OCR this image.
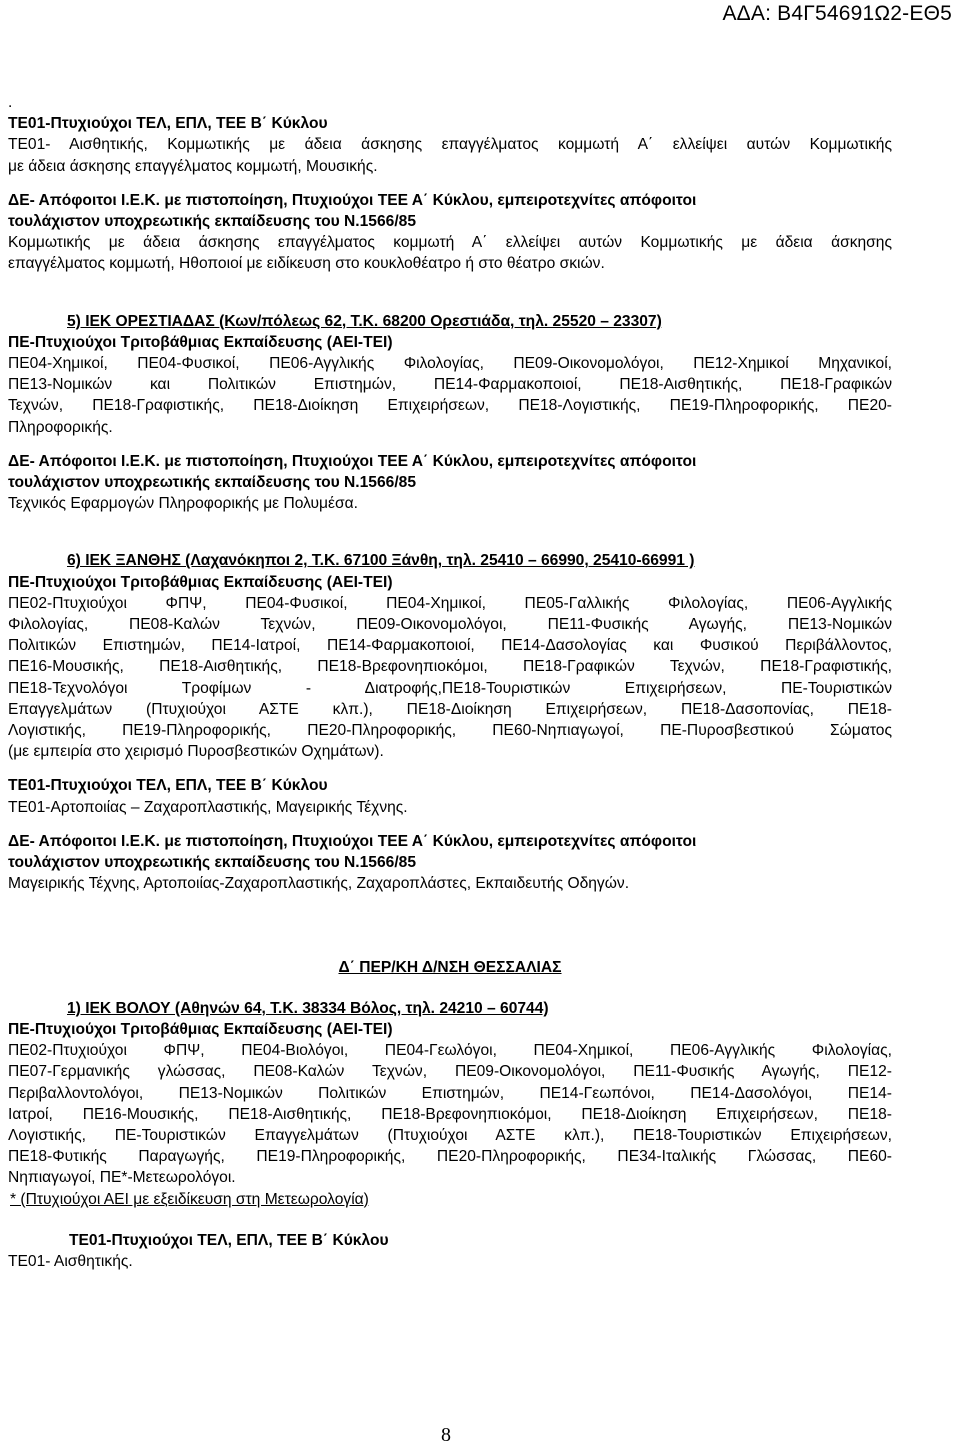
ΑΔΑ: Β4Γ54691Ω2-ΕΘ5
.
ΤΕ01-Πτυχιούχοι ΤΕΛ, ΕΠΛ, ΤΕΕ Β΄ Κύκλου
ΤΕ01- Αισθητικής, Κομμωτικής με άδεια άσκησης επαγγέλματος κομμωτή Α΄ ελλείψει αυτών Κομμωτικής
με άδεια άσκησης επαγγέλματος κομμωτή, Μουσικής.
ΔΕ- Απόφοιτοι Ι.Ε.Κ. με πιστοποίηση, Πτυχιούχοι ΤΕΕ Α΄ Κύκλου, εμπειροτεχνίτες απόφοιτοι
τουλάχιστον υποχρεωτικής εκπαίδευσης του Ν.1566/85
Κομμωτικής με άδεια άσκησης επαγγέλματος κομμωτή Α΄ ελλείψει αυτών Κομμωτικής με άδεια άσκησης
επαγγέλματος κομμωτή, Ηθοποιοί με ειδίκευση στο κουκλοθέατρο ή στο θέατρο σκιών.
5) ΙΕΚ ΟΡΕΣΤΙΑΔΑΣ (Κων/πόλεως 62, Τ.Κ. 68200 Ορεστιάδα, τηλ. 25520 – 23307)
ΠΕ-Πτυχιούχοι Τριτοβάθμιας Εκπαίδευσης (ΑΕΙ-ΤΕΙ)
ΠΕ04-Χημικοί, ΠΕ04-Φυσικοί, ΠΕ06-Αγγλικής Φιλολογίας, ΠΕ09-Οικονομολόγοι, ΠΕ12-Χημικοί Μηχανικοί,
ΠΕ13-Νομικών και Πολιτικών Επιστημών, ΠΕ14-Φαρμακοποιοί, ΠΕ18-Αισθητικής, ΠΕ18-Γραφικών
Τεχνών, ΠΕ18-Γραφιστικής, ΠΕ18-Διοίκηση Επιχειρήσεων, ΠΕ18-Λογιστικής, ΠΕ19-Πληροφορικής, ΠΕ20-
Πληροφορικής.
ΔΕ- Απόφοιτοι Ι.Ε.Κ. με πιστοποίηση, Πτυχιούχοι ΤΕΕ Α΄ Κύκλου, εμπειροτεχνίτες απόφοιτοι
τουλάχιστον υποχρεωτικής εκπαίδευσης του Ν.1566/85
Τεχνικός Εφαρμογών Πληροφορικής με Πολυμέσα.
6) ΙΕΚ ΞΑΝΘΗΣ (Λαχανόκηποι 2, Τ.Κ. 67100 Ξάνθη, τηλ. 25410 – 66990, 25410-66991 )
ΠΕ-Πτυχιούχοι Τριτοβάθμιας Εκπαίδευσης (ΑΕΙ-ΤΕΙ)
ΠΕ02-Πτυχιούχοι ΦΠΨ, ΠΕ04-Φυσικοί, ΠΕ04-Χημικοί, ΠΕ05-Γαλλικής Φιλολογίας, ΠΕ06-Αγγλικής
Φιλολογίας, ΠΕ08-Καλών Τεχνών, ΠΕ09-Οικονομολόγοι, ΠΕ11-Φυσικής Αγωγής, ΠΕ13-Νομικών
Πολιτικών Επιστημών, ΠΕ14-Ιατροί, ΠΕ14-Φαρμακοποιοί, ΠΕ14-Δασολογίας και Φυσικού Περιβάλλοντος,
ΠΕ16-Μουσικής, ΠΕ18-Αισθητικής, ΠΕ18-Βρεφονηπιοκόμοι, ΠΕ18-Γραφικών Τεχνών, ΠΕ18-Γραφιστικής,
ΠΕ18-Τεχνολόγοι Τροφίμων - Διατροφής,ΠΕ18-Τουριστικών Επιχειρήσεων, ΠΕ-Τουριστικών
Επαγγελμάτων (Πτυχιούχοι ΑΣΤΕ κλπ.), ΠΕ18-Διοίκηση Επιχειρήσεων, ΠΕ18-Δασοπονίας, ΠΕ18-
Λογιστικής, ΠΕ19-Πληροφορικής, ΠΕ20-Πληροφορικής, ΠΕ60-Νηπιαγωγοί, ΠΕ-Πυροσβεστικού Σώματος
(με εμπειρία στο χειρισμό Πυροσβεστικών Οχημάτων).
ΤΕ01-Πτυχιούχοι ΤΕΛ, ΕΠΛ, ΤΕΕ Β΄ Κύκλου
ΤΕ01-Αρτοποιίας – Ζαχαροπλαστικής, Μαγειρικής Τέχνης.
ΔΕ- Απόφοιτοι Ι.Ε.Κ. με πιστοποίηση, Πτυχιούχοι ΤΕΕ Α΄ Κύκλου, εμπειροτεχνίτες απόφοιτοι
τουλάχιστον υποχρεωτικής εκπαίδευσης του Ν.1566/85
Μαγειρικής Τέχνης, Αρτοποιίας-Ζαχαροπλαστικής, Ζαχαροπλάστες, Εκπαιδευτής Οδηγών.
Δ΄ ΠΕΡ/ΚΗ Δ/ΝΣΗ ΘΕΣΣΑΛΙΑΣ
1) ΙΕΚ ΒΟΛΟΥ (Αθηνών 64, Τ.Κ. 38334 Βόλος, τηλ. 24210 – 60744)
ΠΕ-Πτυχιούχοι Τριτοβάθμιας Εκπαίδευσης (ΑΕΙ-ΤΕΙ)
ΠΕ02-Πτυχιούχοι ΦΠΨ, ΠΕ04-Βιολόγοι, ΠΕ04-Γεωλόγοι, ΠΕ04-Χημικοί, ΠΕ06-Αγγλικής Φιλολογίας,
ΠΕ07-Γερμανικής γλώσσας, ΠΕ08-Καλών Τεχνών, ΠΕ09-Οικονομολόγοι, ΠΕ11-Φυσικής Αγωγής, ΠΕ12-
Περιβαλλοντολόγοι, ΠΕ13-Νομικών Πολιτικών Επιστημών, ΠΕ14-Γεωπόνοι, ΠΕ14-Δασολόγοι, ΠΕ14-
Ιατροί, ΠΕ16-Μουσικής, ΠΕ18-Αισθητικής, ΠΕ18-Βρεφονηπιοκόμοι, ΠΕ18-Διοίκηση Επιχειρήσεων, ΠΕ18-
Λογιστικής, ΠΕ-Τουριστικών Επαγγελμάτων (Πτυχιούχοι ΑΣΤΕ κλπ.), ΠΕ18-Τουριστικών Επιχειρήσεων,
ΠΕ18-Φυτικής Παραγωγής, ΠΕ19-Πληροφορικής, ΠΕ20-Πληροφορικής, ΠΕ34-Ιταλικής Γλώσσας, ΠΕ60-
Νηπιαγωγοί, ΠΕ*-Μετεωρολόγοι.
* (Πτυχιούχοι ΑΕΙ με εξειδίκευση στη Μετεωρολογία)
ΤΕ01-Πτυχιούχοι ΤΕΛ, ΕΠΛ, ΤΕΕ Β΄ Κύκλου
ΤΕ01- Αισθητικής.
8
